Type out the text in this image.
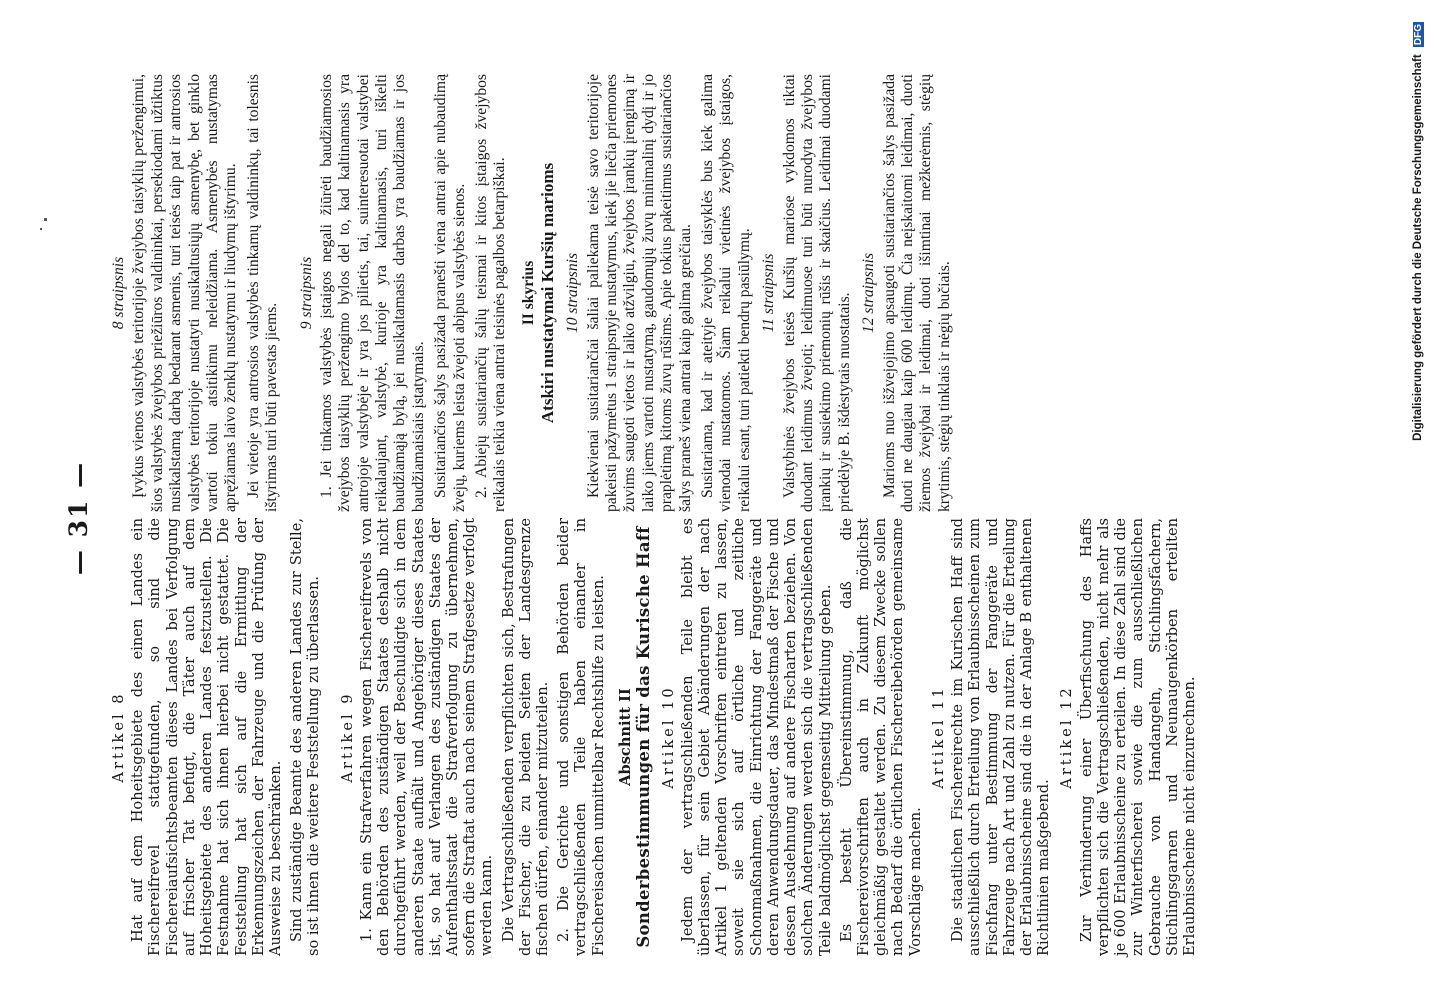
— 31 —
Artikel 8 Hat auf dem Hoheitsgebiete des einen Landes ein Fischereifrevel stattgefunden, so sind die Fischereiaufsichtsbeamten dieses Landes bei Verfolgung auf frischer Tat befugt, die Täter auch auf dem Hoheitsgebiete des anderen Landes festzustellen. Die Festnahme hat sich ihnen hierbei nicht gestattet. Die Feststellung hat sich auf die Ermittlung der Erkennungszeichen der Fahrzeuge und die Prüfung der Ausweise zu beschränken. Sind zuständige Beamte des anderen Landes zur Stelle, so ist ihnen die weitere Feststellung zu überlassen. Artikel 9 1. Kann ein Strafverfahren wegen Fischereifrevels von den Behörden des zuständigen Staates deshalb nicht durchgeführt werden, weil der Beschuldigte sich in dem anderen Staate aufhält und Angehöriger dieses Staates ist, so hat auf Verlangen des zuständigen Staates der Aufenthaltsstaat die Strafverfolgung zu übernehmen, sofern die Straftat auch nach seinem Strafgesetze verfolgt werden kann. Die Vertragschließenden verpflichten sich, Bestrafungen der Fischer, die zu beiden Seiten der Landesgrenze fischen dürfen, einander mitzuteilen. 2. Die Gerichte und sonstigen Behörden beider vertragschließenden Teile haben einander in Fischereisachen unmittelbar Rechtshilfe zu leisten. Abschnitt II Sonderbestimmungen für das Kurische Haff Artikel 10 Jedem der vertragschließenden Teile bleibt es überlassen, für sein Gebiet Abänderungen der nach Artikel 1 geltenden Vorschriften eintreten zu lassen, soweit sie sich auf örtliche und zeitliche Schonmaßnahmen, die Einrichtung der Fanggeräte und deren Anwendungsdauer, das Mindestmaß der Fische und dessen Ausdehnung auf andere Fischarten beziehen. Von solchen Änderungen werden sich die vertragschließenden Teile baldmöglichst gegenseitig Mitteilung geben. Es besteht Übereinstimmung, daß die Fischereivorschriften auch in Zukunft möglichst gleichmäßig gestaltet werden. Zu diesem Zwecke sollen nach Bedarf die örtlichen Fischereibehörden gemeinsame Vorschläge machen.

Artikel 11 Die staatlichen Fischereirechte im Kurischen Haff sind ausschließlich durch Erteilung von Erlaubnisscheinen zum Fischfang unter Bestimmung der Fanggeräte und Fahrzeuge nach Art und Zahl zu nutzen. Für die Erteilung der Erlaubnisscheine sind die in der Anlage B enthaltenen Richtlinien maßgebend.

Artikel 12 Zur Verhinderung einer Überfischung des Haffs verpflichten sich die Vertragschließenden, nicht mehr als je 600 Erlaubnisscheine zu erteilen. In diese Zahl sind die zur Winterfischerei sowie die zum ausschließlichen Gebrauche von Handangeln, Stichlingsfächern, Stichlingsgarnen und Neunaugenkörben erteilten Erlaubnisscheine nicht einzurechnen.

8 straipsnis Įvykus vienos valstybės teritorijoje žvejybos taisyklių peržengimui, šios valstybės žvejybos priežiūros valdininkai, persekiodami užtiktus nusikalstamą darbą bedarant asmenis, turi teisės taip pat ir antrosios valstybės teritorijoje nustatyti nusikaltusiųjų asmenybę, bet ginklo vartoti tokiu atsitikimu neleidžiama. Asmenybės nustatymas apręžiamas laivo ženklų nustatymu ir liudymų ištyrimu. Jei vietoje yra antrosios valstybės tinkamų valdininkų, tai tolesnis ištyrimas turi būti pavestas jiems.

9 straipsnis 1. Jei tinkamos valstybės įstaigos negali žiūrėti baudžiamosios žvejybos taisyklių peržengimo bylos del to, kad kaltinamasis yra antrojoje valstybėje ir yra jos pilietis, tai, suinteresuotai valstybei reikalaujant, valstybė, kurioje yra kaltinamasis, turi iškelti baudžiamąją bylą, jei nusikaltamasis darbas yra baudžiamas ir jos baudžiamaisiais įstatymais. Susitariančios šalys pasižada pranešti viena antrai apie nubaudimą žvejų, kuriems leista žvejoti abipus valstybės sienos. 2. Abiejų susitariančių šalių teismai ir kitos įstaigos žvejybos reikalais teikia viena antrai teisinės pagalbos betarpiškai. II skyrius Atskiri nustatymai Kuršių marioms 10 straipsnis Kiekvienai susitariančiai šaliai paliekama teisė savo teritorijoje pakeisti pažymėtus 1 straipsnyje nustatymus, kiek jie liečia priemones žuvims saugoti vietos ir laiko atžvilgiu, žvejybos įrankių įrengimą ir laiko jiems vartoti nustatymą, gaudomųjų žuvų minimalinį dydį ir jo praplėtimą kitoms žuvų rūšims. Apie tokius pakeitimus susitariančios šalys praneš viena antrai kaip galima greičiau. Susitariama, kad ir ateityje žvejybos taisyklės bus kiek galima vienodai nustatomos. Šiam reikalui vietinės žvejybos įstaigos, reikalui esant, turi patiekti bendrų pasiūlymų. 11 straipsnis Valstybinės žvejybos teisės Kuršių mariose vykdomos tiktai duodant leidimus žvejoti; leidimuose turi būti nurodyta žvejybos įrankių ir susiekimo priemonių rūšis ir skaičius. Leidimai duodami priedėlyje B. išdėstytais nuostatais. 12 straipsnis Marioms nuo išžvejojimo apsaugoti susitariančios šalys pasižada duoti ne daugiau kaip 600 leidimų. Čia neįskaitomi leidimai, duoti žiemos žvejybai ir leidimai, duoti išimtinai mežkerėmis, stėgių krytimis, stėgių tinklais ir nėgių bučiais.	Digitalisierung gefördert durch die Deutsche Forschungsgemeinschaft DFG
